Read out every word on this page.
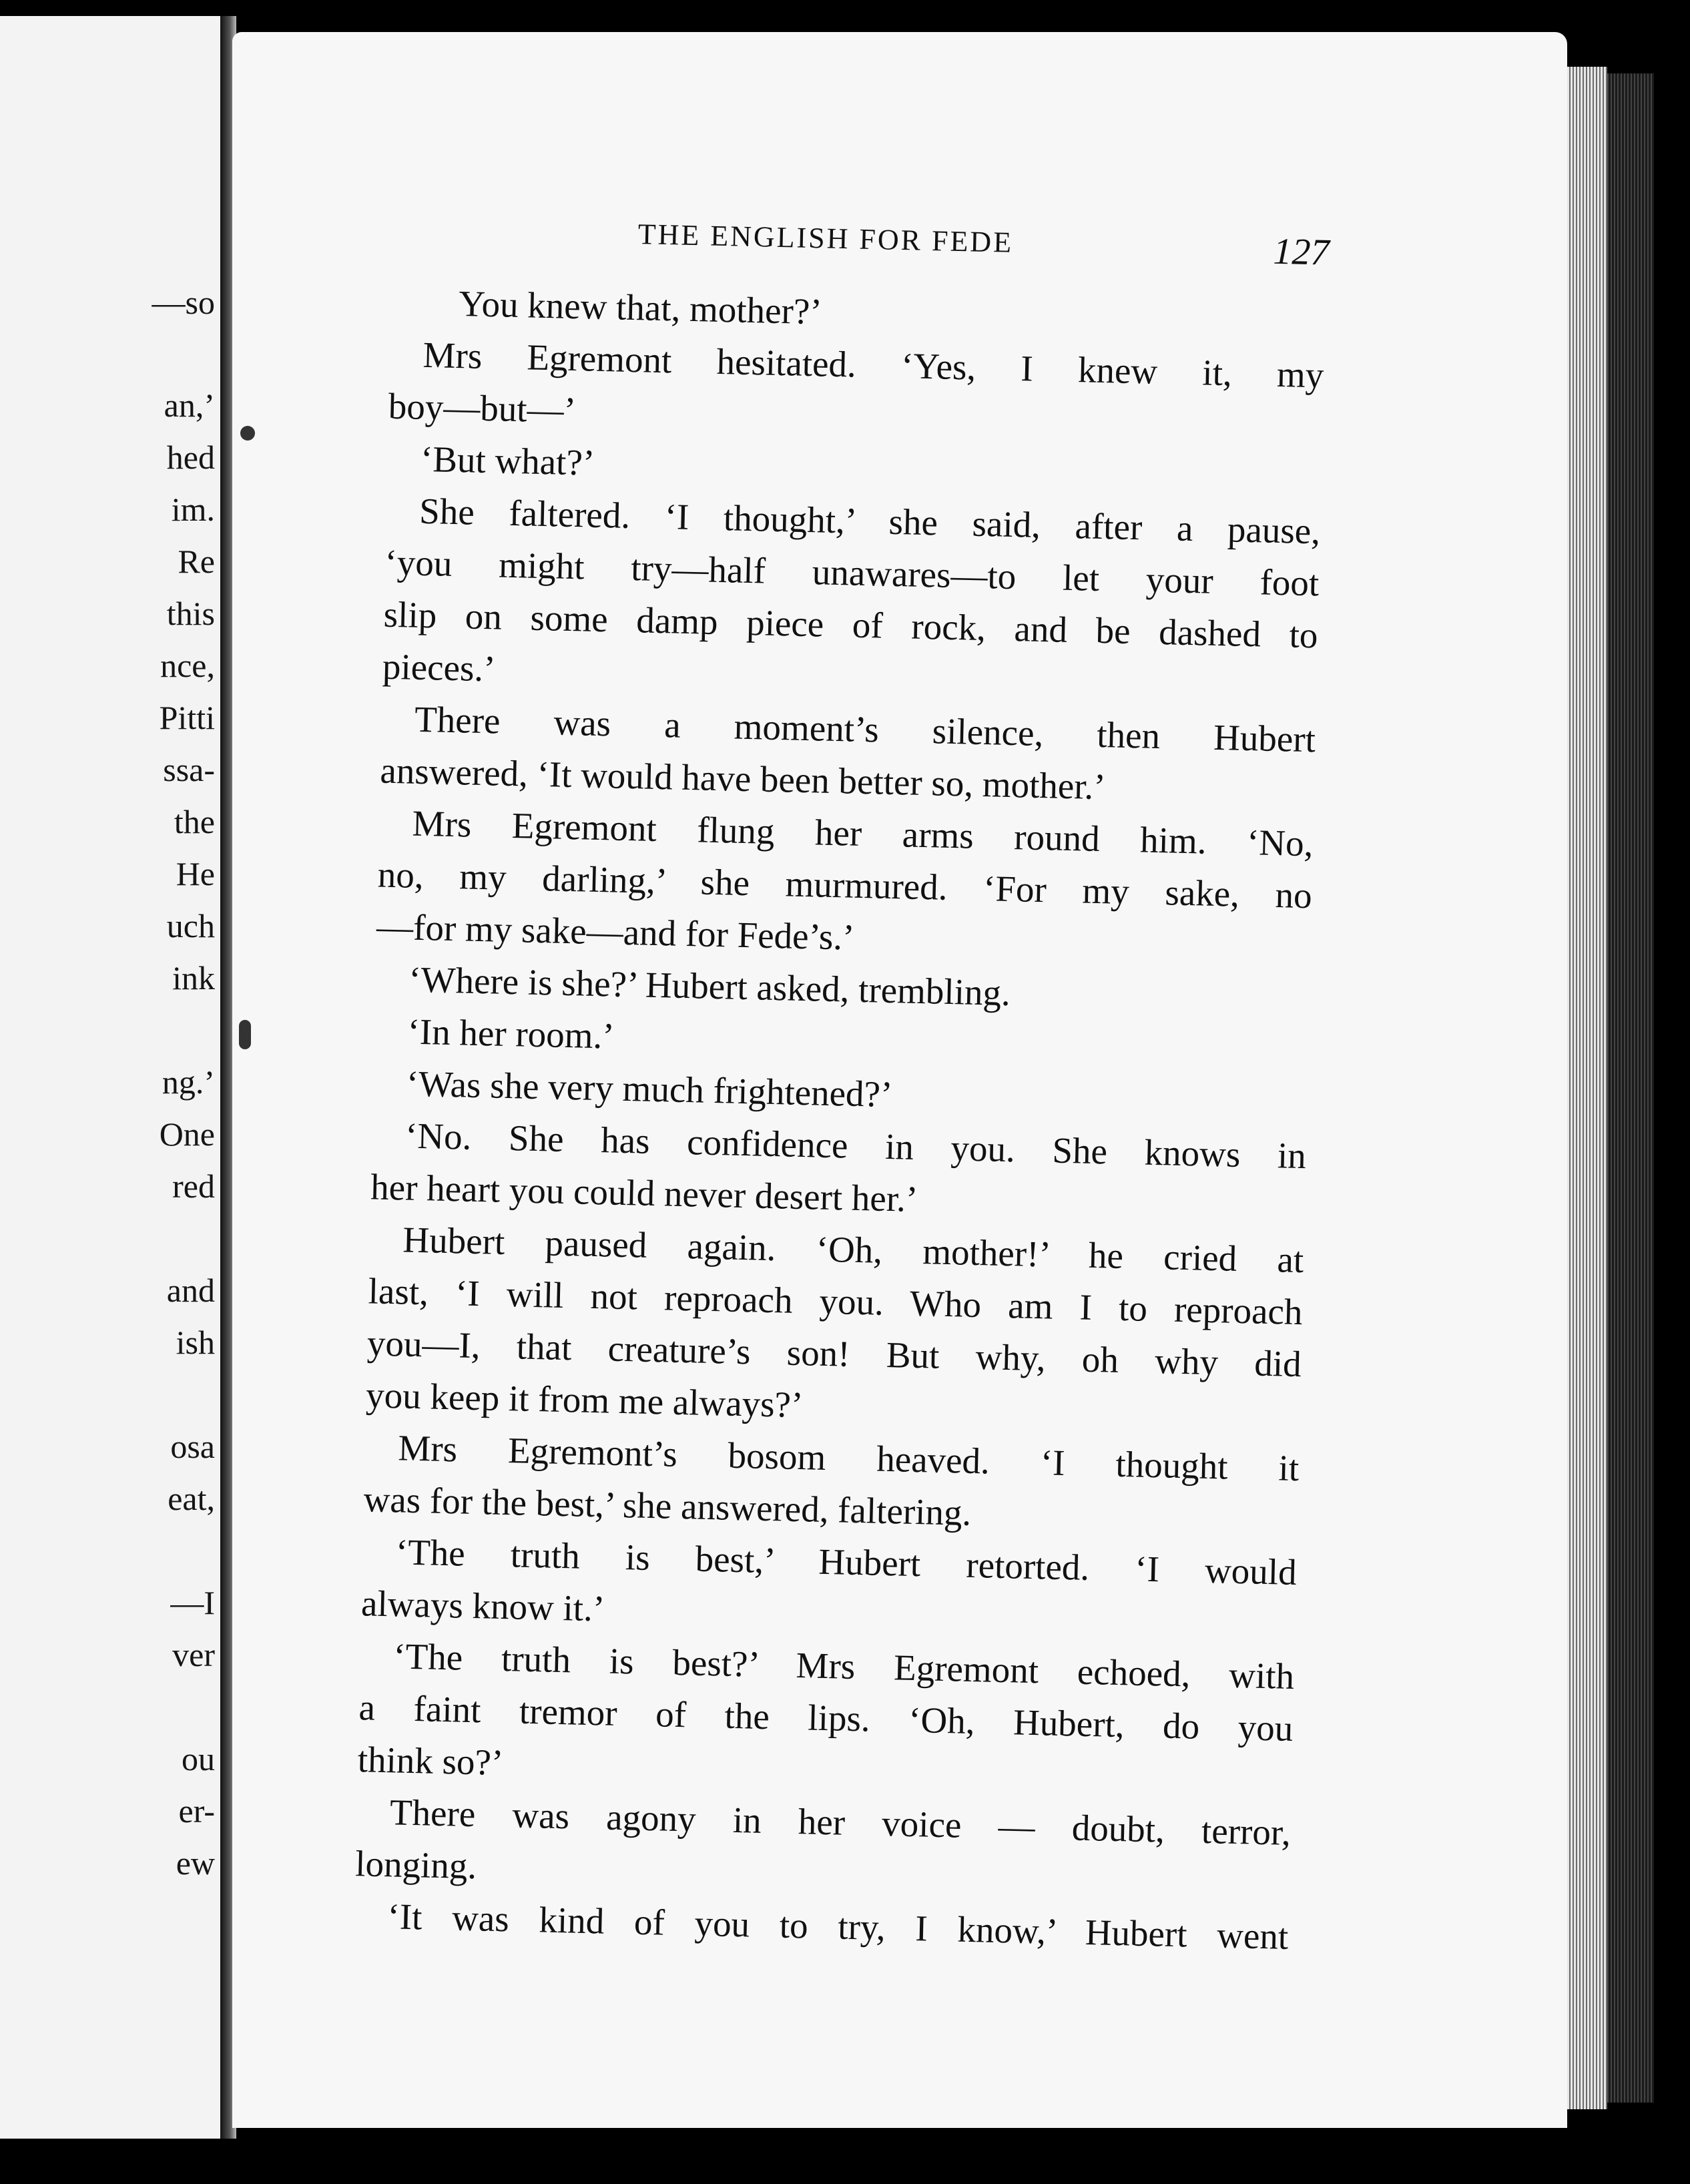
—so
an,’
hed
im.
Re
this
nce,
Pitti
ssa-
the
He
uch
ink
ng.’
One
red
and
ish
osa
eat,
—I
ver
ou
er-
ew
THE ENGLISH FOR FEDE	127
You knew that, mother?’
Mrs Egremont hesitated. ‘Yes, I knew it, my
boy—but—’
‘But what?’
She faltered. ‘I thought,’ she said, after a pause,
‘you might try—half unawares—to let your foot
slip on some damp piece of rock, and be dashed to
pieces.’
There was a moment’s silence, then Hubert
answered, ‘It would have been better so, mother.’
Mrs Egremont flung her arms round him. ‘No,
no, my darling,’ she murmured. ‘For my sake, no
—for my sake—and for Fede’s.’
‘Where is she?’ Hubert asked, trembling.
‘In her room.’
‘Was she very much frightened?’
‘No. She has confidence in you. She knows in
her heart you could never desert her.’
Hubert paused again. ‘Oh, mother!’ he cried at
last, ‘I will not reproach you. Who am I to reproach
you—I, that creature’s son! But why, oh why did
you keep it from me always?’
Mrs Egremont’s bosom heaved. ‘I thought it
was for the best,’ she answered, faltering.
‘The truth is best,’ Hubert retorted. ‘I would
always know it.’
‘The truth is best?’ Mrs Egremont echoed, with
a faint tremor of the lips. ‘Oh, Hubert, do you
think so?’
There was agony in her voice — doubt, terror,
longing.
‘It was kind of you to try, I know,’ Hubert went
